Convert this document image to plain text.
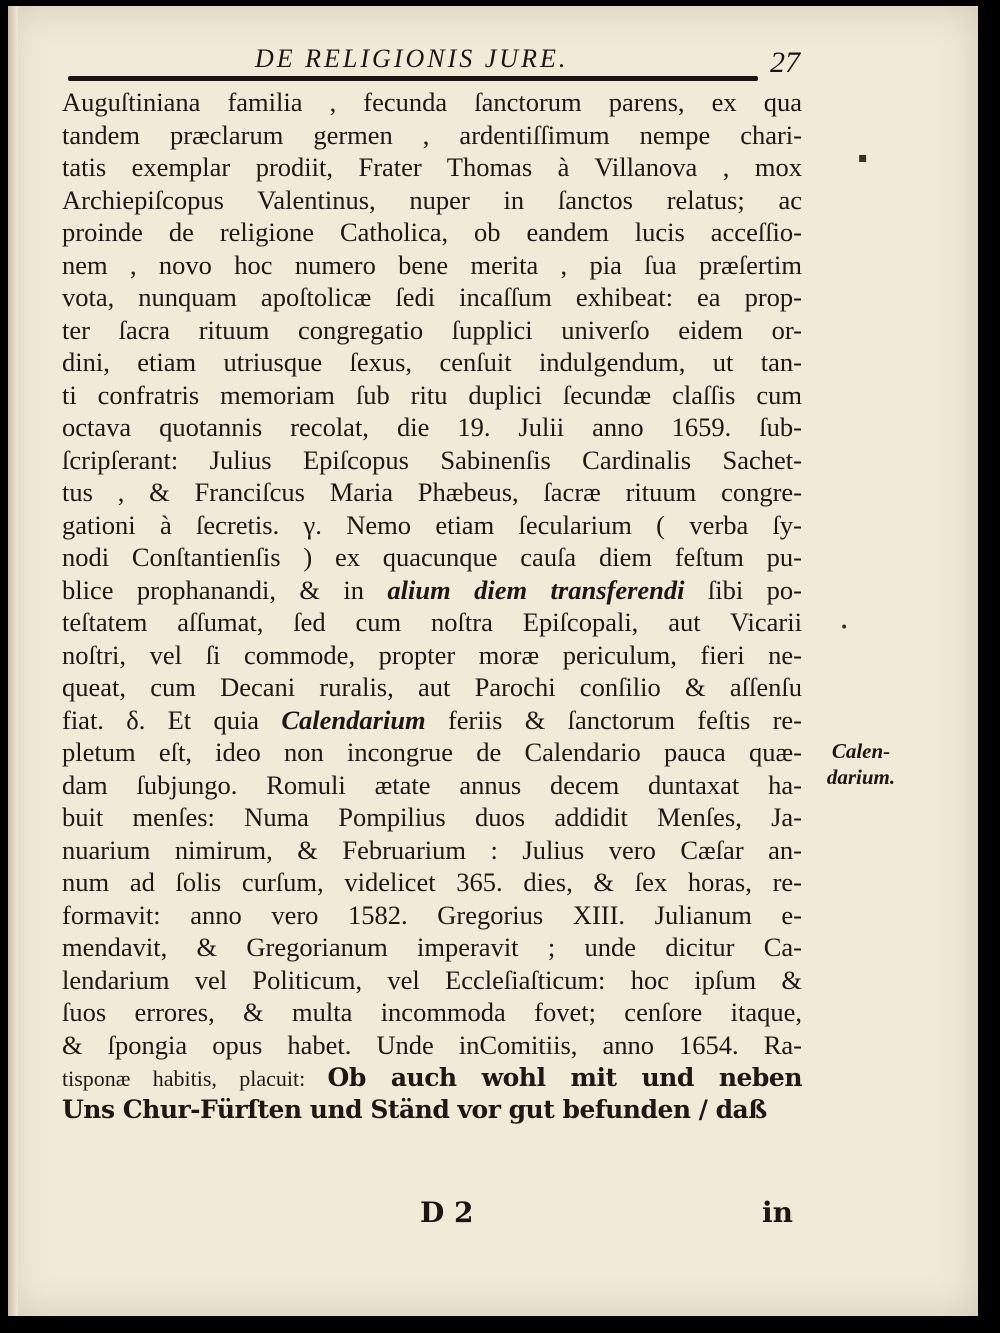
DE RELIGIONIS JURE.	27
Auguſtiniana familia , fecunda ſanctorum parens, ex qua
tandem præclarum germen , ardentiſſimum nempe chari-
tatis exemplar prodiit, Frater Thomas à Villanova , mox
Archiepiſcopus Valentinus, nuper in ſanctos relatus; ac
proinde de religione Catholica, ob eandem lucis acceſſio-
nem , novo hoc numero bene merita , pia ſua præſertim
vota, nunquam apoſtolicæ ſedi incaſſum exhibeat: ea prop-
ter ſacra rituum congregatio ſupplici univerſo eidem or-
dini, etiam utriusque ſexus, cenſuit indulgendum, ut tan-
ti confratris memoriam ſub ritu duplici ſecundæ claſſis cum
octava quotannis recolat, die 19. Julii anno 1659. ſub-
ſcripſerant: Julius Epiſcopus Sabinenſis Cardinalis Sachet-
tus , & Franciſcus Maria Phæbeus, ſacræ rituum congre-
gationi à ſecretis. γ. Nemo etiam ſecularium ( verba ſy-
nodi Conſtantienſis ) ex quacunque cauſa diem feſtum pu-
blice prophanandi, & in alium diem transferendi ſibi po-
teſtatem aſſumat, ſed cum noſtra Epiſcopali, aut Vicarii
noſtri, vel ſi commode, propter moræ periculum, fieri ne-
queat, cum Decani ruralis, aut Parochi conſilio & aſſenſu
fiat. δ. Et quia Calendarium feriis & ſanctorum feſtis re-
pletum eſt, ideo non incongrue de Calendario pauca quæ-
dam ſubjungo. Romuli ætate annus decem duntaxat ha-
buit menſes: Numa Pompilius duos addidit Menſes, Ja-
nuarium nimirum, & Februarium : Julius vero Cæſar an-
num ad ſolis curſum, videlicet 365. dies, & ſex horas, re-
formavit: anno vero 1582. Gregorius XIII. Julianum e-
mendavit, & Gregorianum imperavit ; unde dicitur Ca-
lendarium vel Politicum, vel Eccleſiaſticum: hoc ipſum &
ſuos errores, & multa incommoda fovet; cenſore itaque,
& ſpongia opus habet. Unde inComitiis, anno 1654. Ra-
tisponæ habitis, placuit: Ob auch wohl mit und neben
Uns Chur-Fürſten und Ständ vor gut befunden / daß
Calen-
darium.
▪
•
D 2	in
